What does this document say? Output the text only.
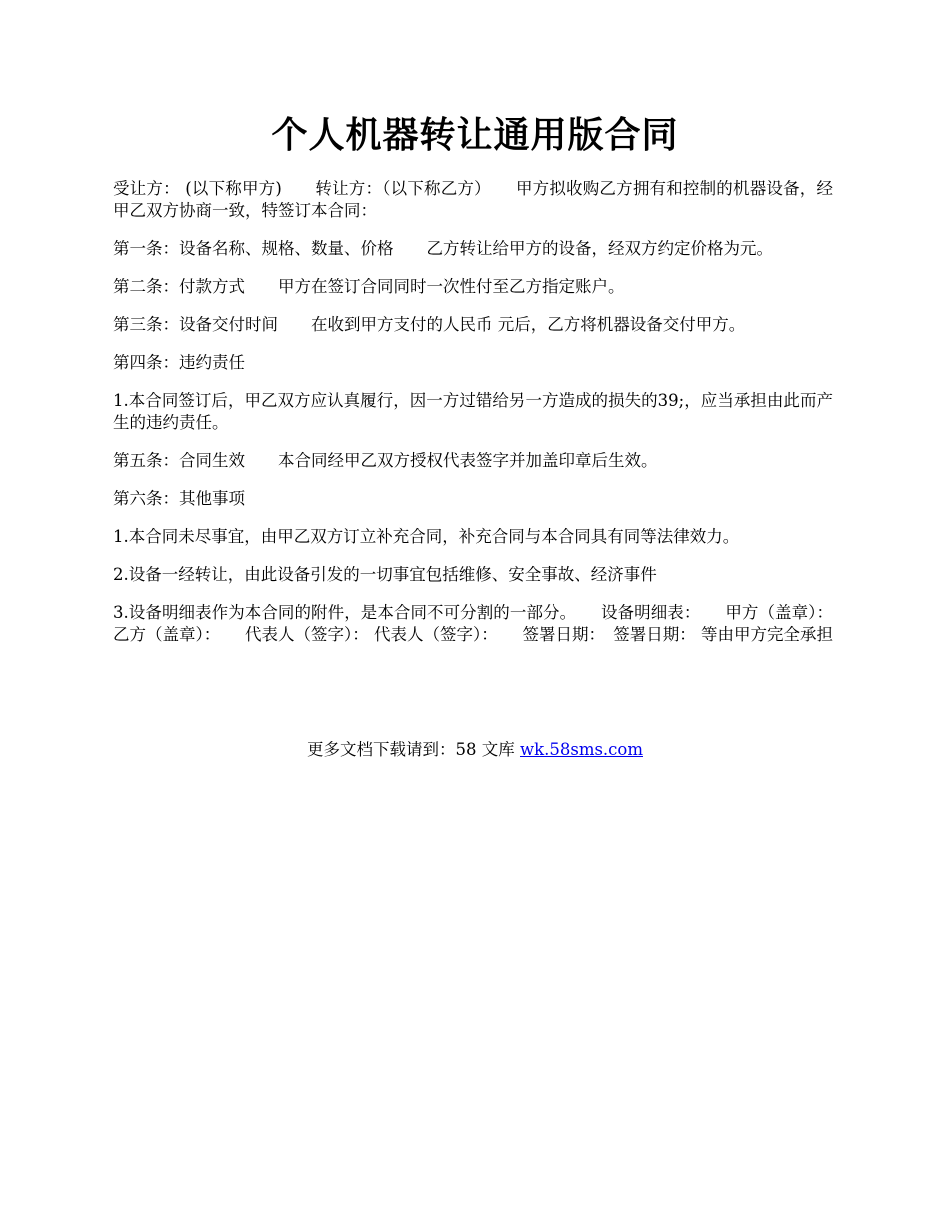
个人机器转让通用版合同

受让方： (以下称甲方)　　转让方：（以下称乙方）　　甲方拟收购乙方拥有和控制的机器设备，经甲乙双方协商一致，特签订本合同：

第一条：设备名称、规格、数量、价格　　乙方转让给甲方的设备，经双方约定价格为元。

第二条：付款方式　　甲方在签订合同同时一次性付至乙方指定账户。

第三条：设备交付时间　　在收到甲方支付的人民币 元后，乙方将机器设备交付甲方。

第四条：违约责任

1.本合同签订后，甲乙双方应认真履行，因一方过错给另一方造成的损失的39;，应当承担由此而产生的违约责任。

第五条：合同生效　　本合同经甲乙双方授权代表签字并加盖印章后生效。

第六条：其他事项

1.本合同未尽事宜，由甲乙双方订立补充合同，补充合同与本合同具有同等法律效力。

2.设备一经转让，由此设备引发的一切事宜包括维修、安全事故、经济事件

3.设备明细表作为本合同的附件，是本合同不可分割的一部分。　　设备明细表：　　甲方（盖章）： 乙方（盖章）：　　代表人（签字）： 代表人（签字）：　　签署日期：　签署日期： 等由甲方完全承担

更多文档下载请到：58 文库 wk.58sms.com
